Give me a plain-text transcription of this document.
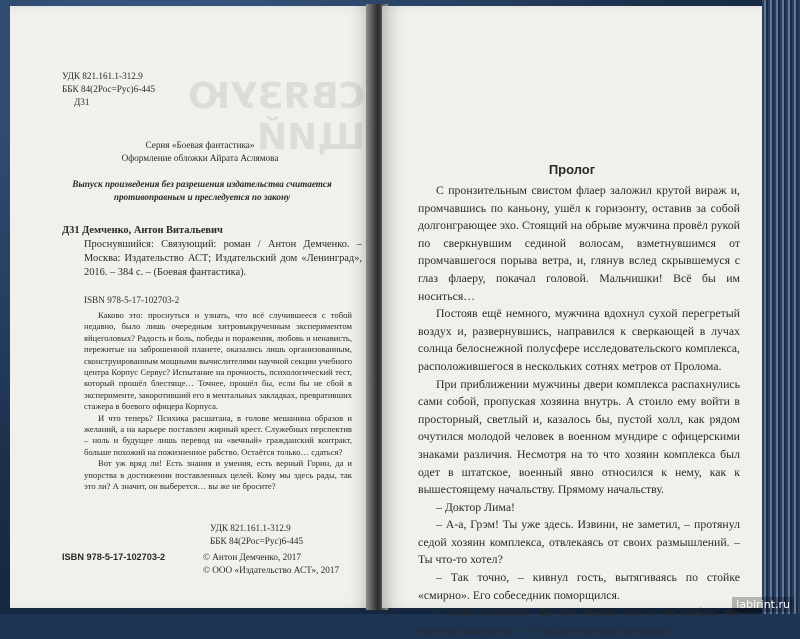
СВЯЗУЮ
ЩИЙ
УДК 821.161.1-312.9
ББК 84(2Рос=Рус)6-445
Д31
Серия «Боевая фантастика»
Оформление обложки Айрата Аслямова
Выпуск произведения без разрешения издательства считается противоправным и преследуется по закону
Д31 Демченко, Антон Витальевич
Проснувшийся: Связующий: роман / Антон Демченко. – Москва: Издательство АСТ; Издательский дом «Ленинград», 2016. – 384 с. – (Боевая фантастика).
ISBN 978-5-17-102703-2

Каково это: проснуться и узнать, что всё случившееся с тобой недавно, было лишь очередным хитровыкрученным экспериментом яйцеголовых? Радость и боль, победы и поражения, любовь и ненависть, пережитые на заброшенной планете, оказались лишь организованным, сконструированным мощными вычислителями научной секции учебного центра Корпус Сервус? Испытание на прочность, психологический тест, который прошёл блестяще… Точнее, прошёл бы, если бы не сбой в эксперименте, закоротивший его в ментальных закладках, превративших стажера в боевого офицера Корпуса.

И что теперь? Психика расшатана, в голове мешанина образов и желаний, а на карьере поставлен жирный крест. Служебных перспектив – ноль и будущее лишь перевод на «вечный» гражданский контракт, больше похожий на пожизненное рабство. Остаётся только… сдаться?

Вот уж вряд ли! Есть знания и умения, есть верный Горин, да и упорства в достижении поставленных целей. Кому мы здесь рады, так это ли? А значит, он выберется… вы же не бросите?

УДК 821.161.1-312.9
ББК 84(2Рос=Рус)6-445
ISBN 978-5-17-102703-2	© Антон Демченко, 2017
© ООО «Издательство АСТ», 2017
Пролог

С пронзительным свистом флаер заложил крутой вираж и, промчавшись по каньону, ушёл к горизонту, оставив за собой долгоиграющее эхо. Стоящий на обрыве мужчина провёл рукой по сверкнувшим сединой волосам, взметнувшимся от промчавшегося порыва ветра, и, глянув вслед скрывшемуся с глаз флаеру, покачал головой. Мальчишки! Всё бы им носиться…

Постояв ещё немного, мужчина вдохнул сухой перегретый воздух и, развернувшись, направился к сверкающей в лучах солнца белоснежной полусфере исследовательского комплекса, расположившегося в нескольких сотнях метров от Пролома.

При приближении мужчины двери комплекса распахнулись сами собой, пропуская хозяина внутрь. А стоило ему войти в просторный, светлый и, казалось бы, пустой холл, как рядом очутился молодой человек в военном мундире с офицерскими знаками различия. Несмотря на то что хозяин комплекса был одет в штатское, военный явно относился к нему, как к вышестоящему начальству. Прямому начальству.

– Доктор Лима!

– А-а, Грэм! Ты уже здесь. Извини, не заметил, – протянул седой хозяин комплекса, отвлекаясь от своих размышлений. – Ты что-то хотел?

– Так точно, – кивнул гость, вытягиваясь по стойке «смирно». Его собеседник поморщился.

– Грэм, прекрати. Ты же знаешь, как я не люблю эти военные заморочки, – усталым голосом попросил

labirint.ru
